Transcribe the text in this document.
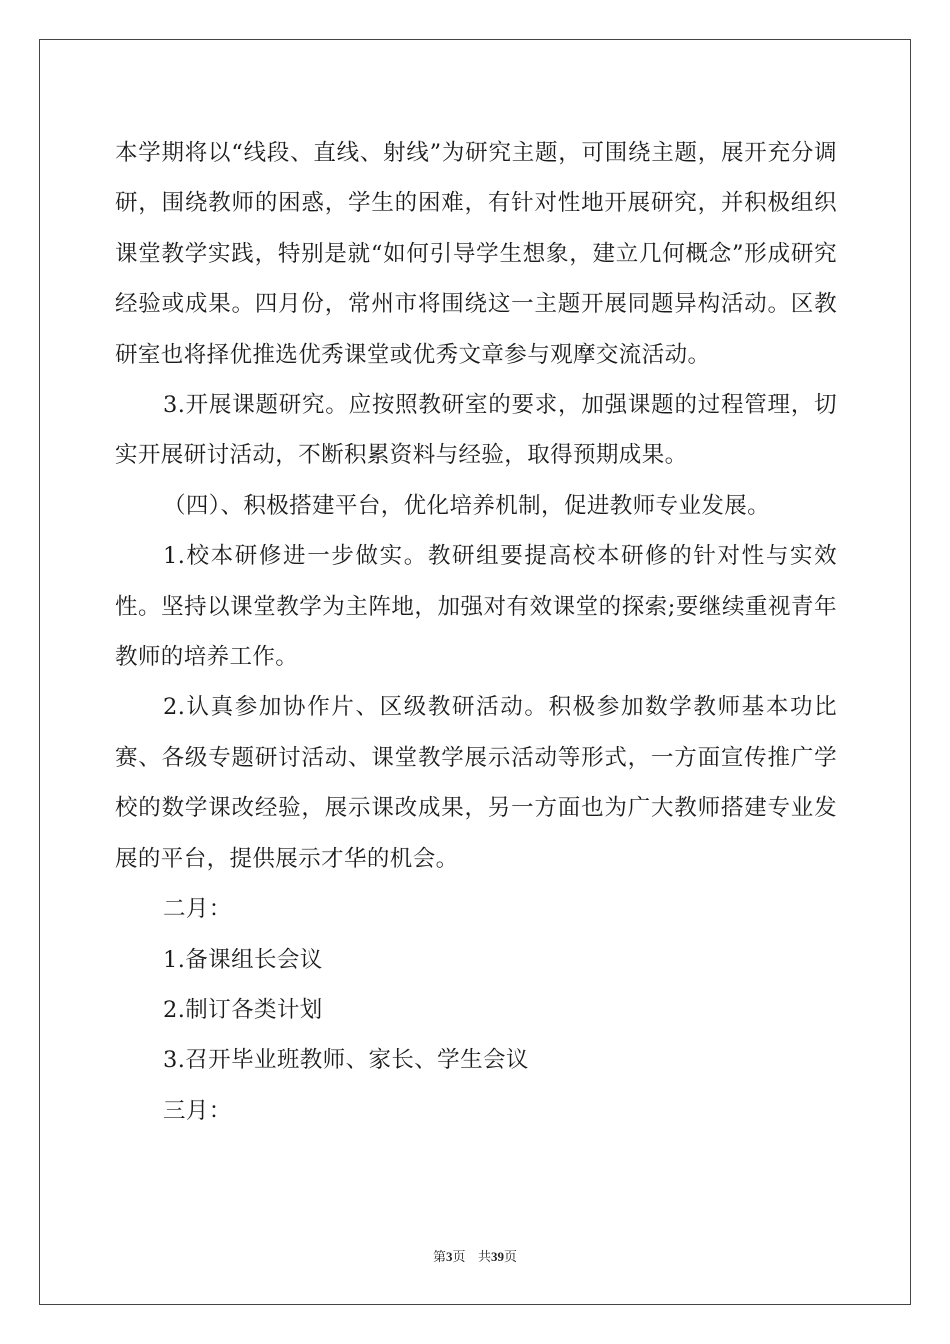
本学期将以“线段、直线、射线”为研究主题，可围绕主题，展开充分调研，围绕教师的困惑，学生的困难，有针对性地开展研究，并积极组织课堂教学实践，特别是就“如何引导学生想象，建立几何概念”形成研究经验或成果。四月份，常州市将围绕这一主题开展同题异构活动。区教研室也将择优推选优秀课堂或优秀文章参与观摩交流活动。

3.开展课题研究。应按照教研室的要求，加强课题的过程管理，切实开展研讨活动，不断积累资料与经验，取得预期成果。

（四）、积极搭建平台，优化培养机制，促进教师专业发展。

1.校本研修进一步做实。教研组要提高校本研修的针对性与实效性。坚持以课堂教学为主阵地，加强对有效课堂的探索;要继续重视青年教师的培养工作。

2.认真参加协作片、区级教研活动。积极参加数学教师基本功比赛、各级专题研讨活动、课堂教学展示活动等形式，一方面宣传推广学校的数学课改经验，展示课改成果，另一方面也为广大教师搭建专业发展的平台，提供展示才华的机会。

二月：

1.备课组长会议

2.制订各类计划

3.召开毕业班教师、家长、学生会议

三月：

第3页 共39页
